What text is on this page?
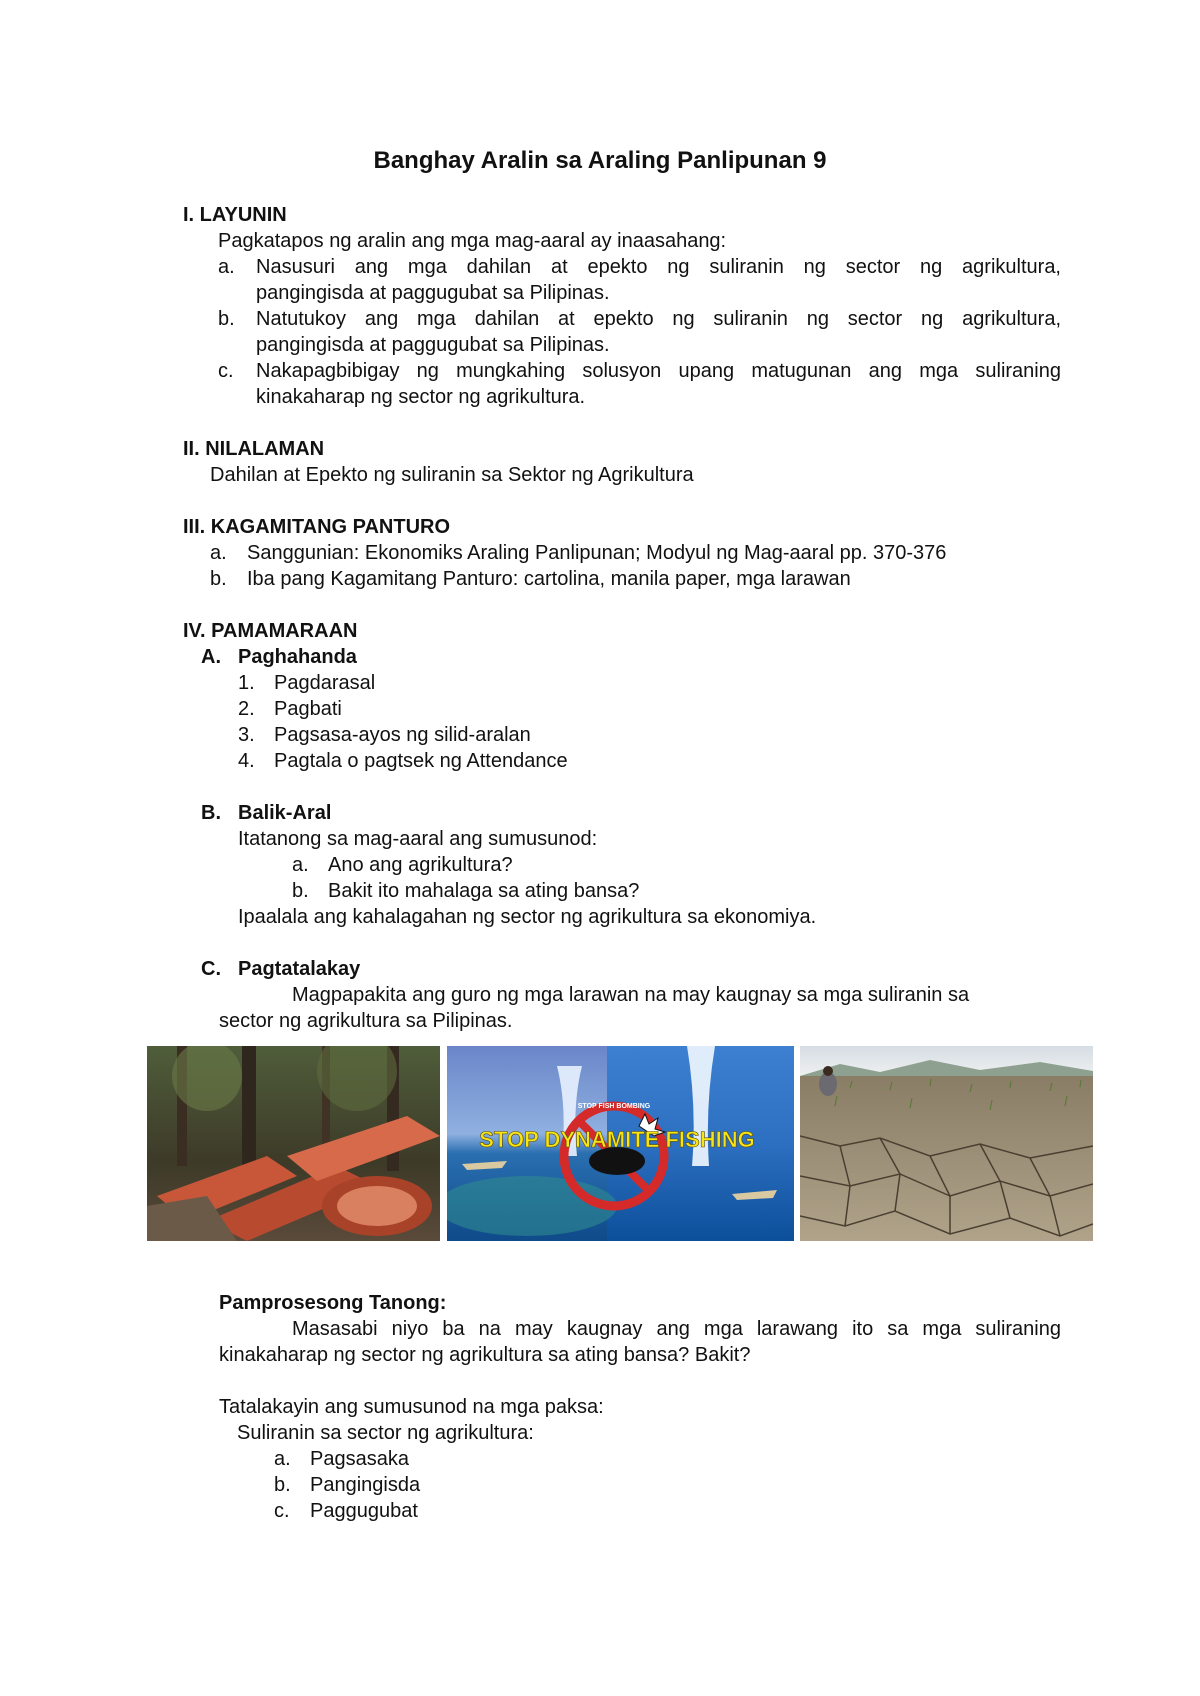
Banghay Aralin sa Araling Panlipunan 9
I. LAYUNIN
Pagkatapos ng aralin ang mga mag-aaral ay inaasahang:
a. Nasusuri ang mga dahilan at epekto ng suliranin ng sector ng agrikultura,
pangingisda at paggugubat sa Pilipinas.
b. Natutukoy ang mga dahilan at epekto ng suliranin ng sector ng agrikultura,
pangingisda at paggugubat sa Pilipinas.
c. Nakapagbibigay ng mungkahing solusyon upang matugunan ang mga suliraning
kinakaharap ng sector ng agrikultura.
II. NILALAMAN
Dahilan at Epekto ng suliranin sa Sektor ng Agrikultura
III. KAGAMITANG PANTURO
a. Sanggunian: Ekonomiks Araling Panlipunan; Modyul ng Mag-aaral pp. 370-376
b. Iba pang Kagamitang Panturo: cartolina, manila paper, mga larawan
IV. PAMAMARAAN
A. Paghahanda
1. Pagdarasal
2. Pagbati
3. Pagsasa-ayos ng silid-aralan
4. Pagtala o pagtsek ng Attendance
B. Balik-Aral
Itatanong sa mag-aaral ang sumusunod:
a. Ano ang agrikultura?
b. Bakit ito mahalaga sa ating bansa?
Ipaalala ang kahalagahan ng sector ng agrikultura sa ekonomiya.
C. Pagtatalakay
Magpapakita ang guro ng mga larawan na may kaugnay sa mga suliranin sa
sector ng agrikultura sa Pilipinas.
STOP DYNAMITE FISHING
STOP FISH BOMBING
Pamprosesong Tanong:
Masasabi niyo ba na may kaugnay ang mga larawang ito sa mga suliraning
kinakaharap ng sector ng agrikultura sa ating bansa? Bakit?
Tatalakayin ang sumusunod na mga paksa:
Suliranin sa sector ng agrikultura:
a. Pagsasaka
b. Pangingisda
c. Paggugubat
